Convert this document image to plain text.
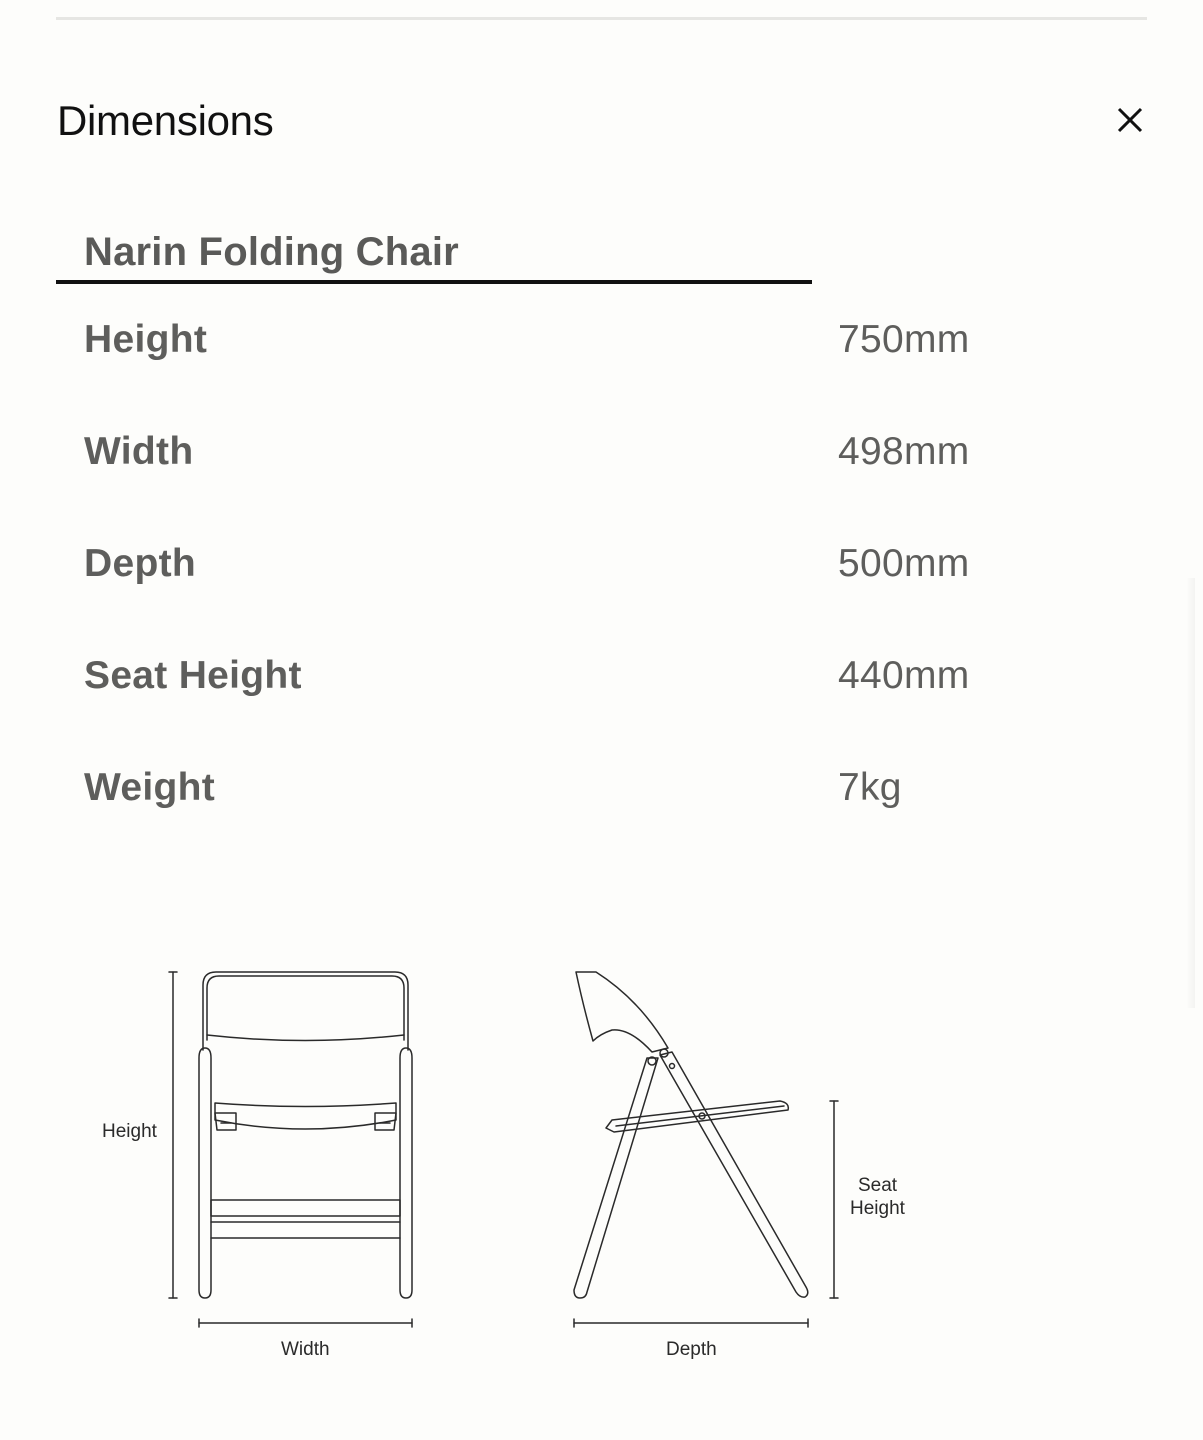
Dimensions
Narin Folding Chair
Height	750mm
Width	498mm
Depth	500mm
Seat Height	440mm
Weight	7kg
Height
Width
Seat
Height
Depth
